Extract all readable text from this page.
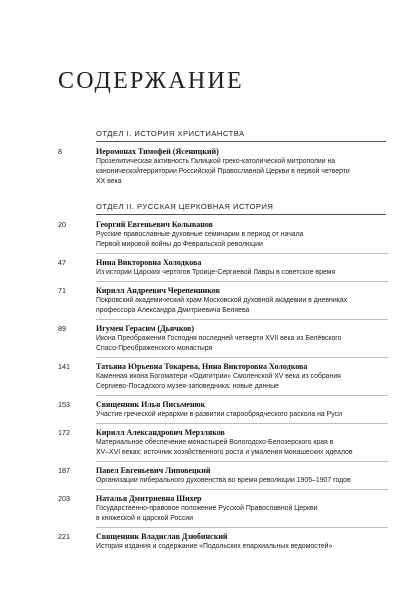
СОДЕРЖАНИЕ
ОТДЕЛ I. ИСТОРИЯ ХРИСТИАНСТВА
8	Иеромонах Тимофей (Ясеницкий)
Прозелитическая активность Галицкой греко-католической митрополии на
каноническойтерритории Российской Православной Церкви в первой четверти
XX века
ОТДЕЛ II. РУССКАЯ ЦЕРКОВНАЯ ИСТОРИЯ
20	Георгий Евгеньевич Колыванов
Русские православные духовные семинарии в период от начала
Первой мировой войны до Февральской революции
47	Нина Викторовна Холодкова
Из истории Царских чертогов Троице-Сергиевой Лавры в советское время
71	Кирилл Андреевич Черепенников
Покровский академический храм Московской духовной академии в дневниках
профессора Александра Дмитриевича Беляева
89	Игумен Герасим (Дьячков)
Икона Преображения Господня последней четверти XVII века из Белёвского
Спасо-Преображенского монастыря
141	Татьяна Юрьевна Токарева, Нина Викторовна Холодкова
Каменная икона Богоматери «Одигитрии» Смоленской XV века из собрания
Сергиево-Посадского музея-заповедника: новые данные
153	Священник Илья Письменюк
Участие греческой иерархии в развитии старообрядческого раскола на Руси
172	Кирилл Александрович Мерзляков
Материальное обеспечение монастырей Вологодско-Белозерского края в
XV–XVI веках: источник хозяйственного роста и умаления монашеских идеалов
187	Павел Евгеньевич Липовецкий
Организации либерального духовенства во время революции 1905–1907 годов
203	Наталья Дмитриевна Шихер
Государственно-правовое положение Русской Православной Церкви
в княжеской и царской России
221	Священник Владислав Дзюбинский
История издания и содержание «Подольских епархиальных ведомостей»
